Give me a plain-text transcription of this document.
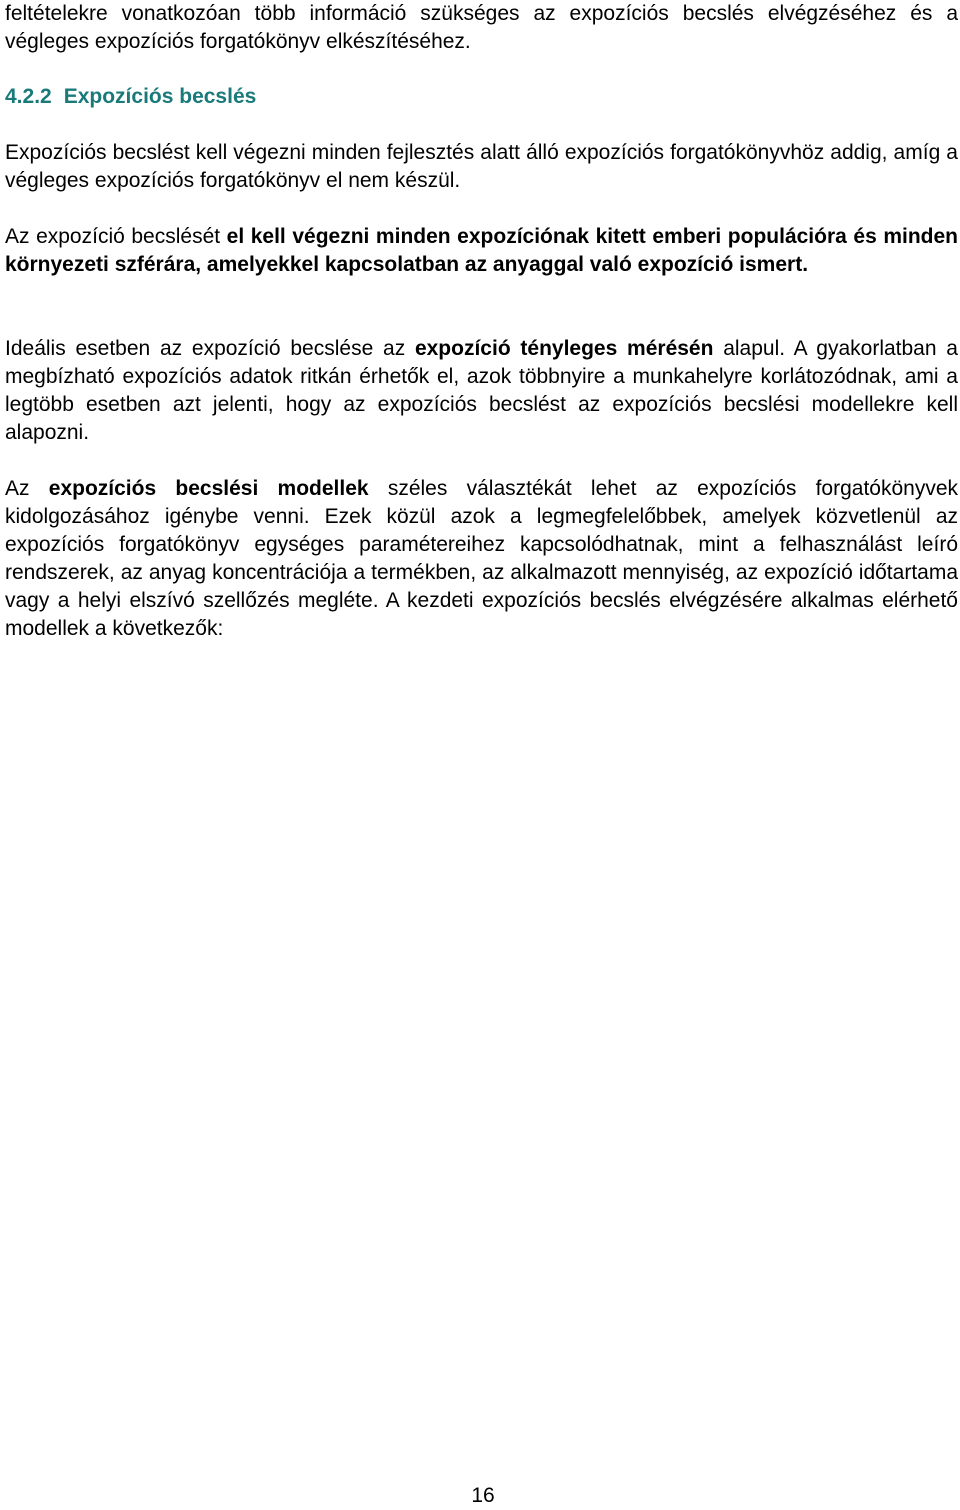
feltételekre vonatkozóan több információ szükséges az expozíciós becslés elvégzéséhez és a végleges expozíciós forgatókönyv elkészítéséhez.

4.2.2 Expozíciós becslés

Expozíciós becslést kell végezni minden fejlesztés alatt álló expozíciós forgatókönyvhöz addig, amíg a végleges expozíciós forgatókönyv el nem készül.

Az expozíció becslését el kell végezni minden expozíciónak kitett emberi populációra és minden környezeti szférára, amelyekkel kapcsolatban az anyaggal való expozíció ismert.

Ideális esetben az expozíció becslése az expozíció tényleges mérésén alapul. A gyakorlatban a megbízható expozíciós adatok ritkán érhetők el, azok többnyire a munkahelyre korlátozódnak, ami a legtöbb esetben azt jelenti, hogy az expozíciós becslést az expozíciós becslési modellekre kell alapozni.

Az expozíciós becslési modellek széles választékát lehet az expozíciós forgatókönyvek kidolgozásához igénybe venni. Ezek közül azok a legmegfelelőbbek, amelyek közvetlenül az expozíciós forgatókönyv egységes paramétereihez kapcsolódhatnak, mint a felhasználást leíró rendszerek, az anyag koncentrációja a termékben, az alkalmazott mennyiség, az expozíció időtartama vagy a helyi elszívó szellőzés megléte. A kezdeti expozíciós becslés elvégzésére alkalmas elérhető modellek a következők:

16
